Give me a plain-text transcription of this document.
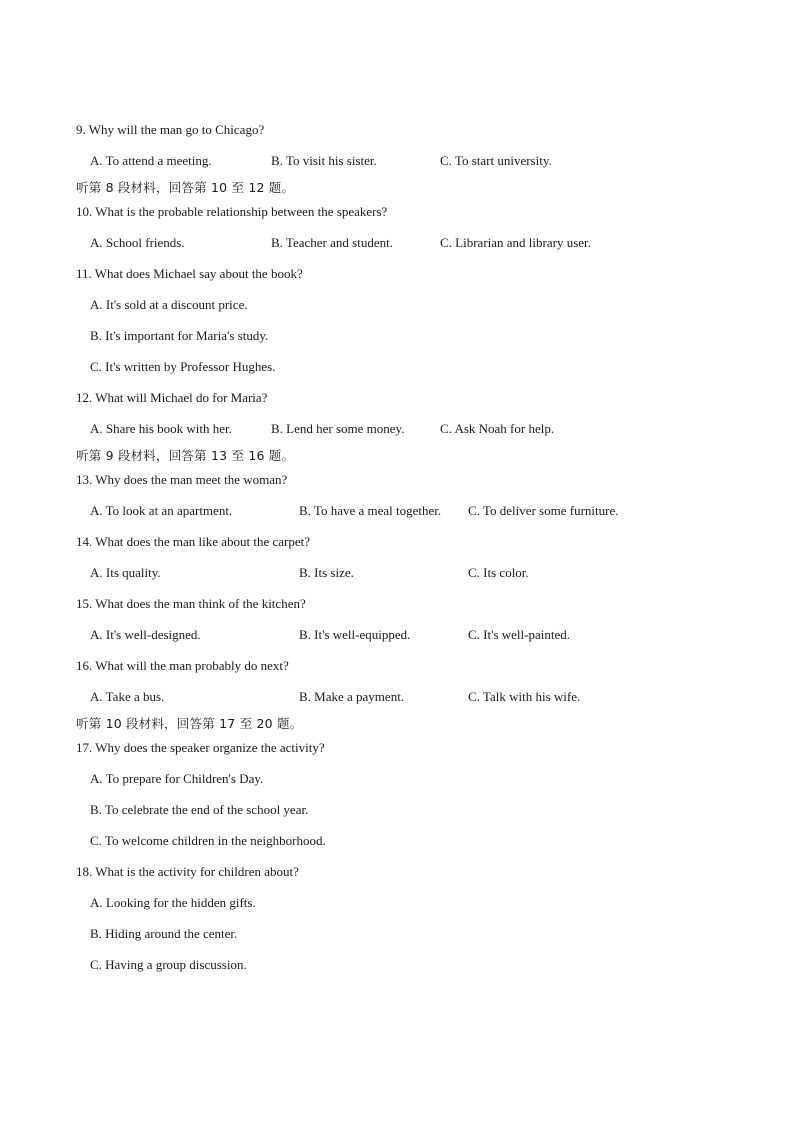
9. Why will the man go to Chicago?
A. To attend a meeting.	B. To visit his sister.	C. To start university.
听第 8 段材料，回答第 10 至 12 题。
10. What is the probable relationship between the speakers?
A. School friends.	B. Teacher and student.	C. Librarian and library user.
11. What does Michael say about the book?
A. It's sold at a discount price.
B. It's important for Maria's study.
C. It's written by Professor Hughes.
12. What will Michael do for Maria?
A. Share his book with her.	B. Lend her some money.	C. Ask Noah for help.
听第 9 段材料，回答第 13 至 16 题。
13. Why does the man meet the woman?
A. To look at an apartment.	B. To have a meal together. C. To deliver some furniture.
14. What does the man like about the carpet?
A. Its quality.	B. Its size.	C. Its color.
15. What does the man think of the kitchen?
A. It's well-designed.	B. It's well-equipped.	C. It's well-painted.
16. What will the man probably do next?
A. Take a bus.	B. Make a payment.	C. Talk with his wife.
听第 10 段材料，回答第 17 至 20 题。
17. Why does the speaker organize the activity?
A. To prepare for Children's Day.
B. To celebrate the end of the school year.
C. To welcome children in the neighborhood.
18. What is the activity for children about?
A. Looking for the hidden gifts.
B. Hiding around the center.
C. Having a group discussion.
